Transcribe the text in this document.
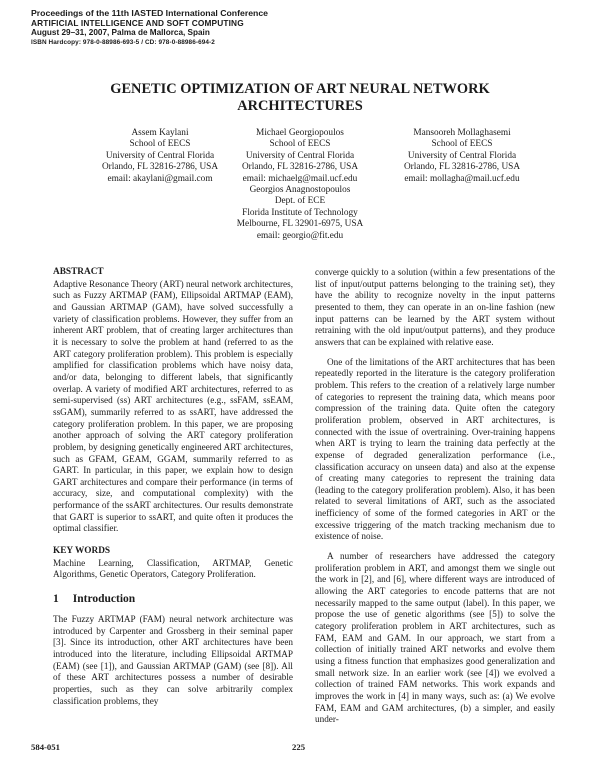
Proceedings of the 11th IASTED International Conference
ARTIFICIAL INTELLIGENCE AND SOFT COMPUTING
August 29–31, 2007, Palma de Mallorca, Spain
ISBN Hardcopy: 978-0-88986-693-5 / CD: 978-0-88986-694-2
GENETIC OPTIMIZATION OF ART NEURAL NETWORK
ARCHITECTURES
Assem Kaylani
School of EECS
University of Central Florida
Orlando, FL 32816-2786, USA
email: akaylani@gmail.com
Michael Georgiopoulos
School of EECS
University of Central Florida
Orlando, FL 32816-2786, USA
email: michaelg@mail.ucf.edu
Georgios Anagnostopoulos
Dept. of ECE
Florida Institute of Technology
Melbourne, FL 32901-6975, USA
email: georgio@fit.edu
Mansooreh Mollaghasemi
School of EECS
University of Central Florida
Orlando, FL 32816-2786, USA
email: mollagha@mail.ucf.edu

ABSTRACT

Adaptive Resonance Theory (ART) neural network architectures, such as Fuzzy ARTMAP (FAM), Ellipsoidal ARTMAP (EAM), and Gaussian ARTMAP (GAM), have solved successfully a variety of classification problems. However, they suffer from an inherent ART problem, that of creating larger architectures than it is necessary to solve the problem at hand (referred to as the ART category proliferation problem). This problem is especially amplified for classification problems which have noisy data, and/or data, belonging to different labels, that significantly overlap. A variety of modified ART architectures, referred to as semi-supervised (ss) ART architectures (e.g., ssFAM, ssEAM, ssGAM), summarily referred to as ssART, have addressed the category proliferation problem. In this paper, we are proposing another approach of solving the ART category proliferation problem, by designing genetically engineered ART architectures, such as GFAM, GEAM, GGAM, summarily referred to as GART. In particular, in this paper, we explain how to design GART architectures and compare their performance (in terms of accuracy, size, and computational complexity) with the performance of the ssART architectures. Our results demonstrate that GART is superior to ssART, and quite often it produces the optimal classifier.

KEY WORDS

Machine Learning, Classification, ARTMAP, Genetic Algorithms, Genetic Operators, Category Proliferation.

1 Introduction

The Fuzzy ARTMAP (FAM) neural network architecture was introduced by Carpenter and Grossberg in their seminal paper [3]. Since its introduction, other ART architectures have been introduced into the literature, including Ellipsoidal ARTMAP (EAM) (see [1]), and Gaussian ARTMAP (GAM) (see [8]). All of these ART architectures possess a number of desirable properties, such as they can solve arbitrarily complex classification problems, they

converge quickly to a solution (within a few presentations of the list of input/output patterns belonging to the training set), they have the ability to recognize novelty in the input patterns presented to them, they can operate in an on-line fashion (new input patterns can be learned by the ART system without retraining with the old input/output patterns), and they produce answers that can be explained with relative ease.

One of the limitations of the ART architectures that has been repeatedly reported in the literature is the category proliferation problem. This refers to the creation of a relatively large number of categories to represent the training data, which means poor compression of the training data. Quite often the category proliferation problem, observed in ART architectures, is connected with the issue of overtraining. Over-training happens when ART is trying to learn the training data perfectly at the expense of degraded generalization performance (i.e., classification accuracy on unseen data) and also at the expense of creating many categories to represent the training data (leading to the category proliferation problem). Also, it has been related to several limitations of ART, such as the associated inefficiency of some of the formed categories in ART or the excessive triggering of the match tracking mechanism due to existence of noise.

A number of researchers have addressed the category proliferation problem in ART, and amongst them we single out the work in [2], and [6], where different ways are introduced of allowing the ART categories to encode patterns that are not necessarily mapped to the same output (label). In this paper, we propose the use of genetic algorithms (see [5]) to solve the category proliferation problem in ART architectures, such as FAM, EAM and GAM. In our approach, we start from a collection of initially trained ART networks and evolve them using a fitness function that emphasizes good generalization and small network size. In an earlier work (see [4]) we evolved a collection of trained FAM networks. This work expands and improves the work in [4] in many ways, such as: (a) We evolve FAM, EAM and GAM architectures, (b) a simpler, and easily under-

584-051	225
